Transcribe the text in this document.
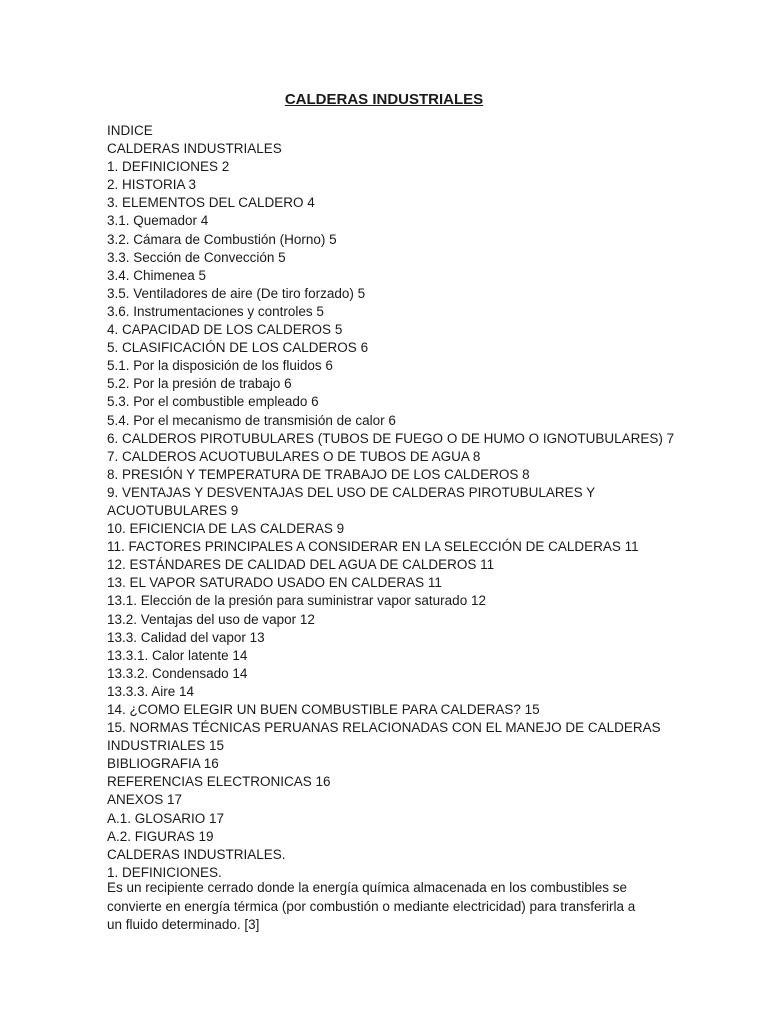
CALDERAS INDUSTRIALES
INDICE
CALDERAS INDUSTRIALES
1. DEFINICIONES 2
2. HISTORIA 3
3. ELEMENTOS DEL CALDERO 4
3.1. Quemador 4
3.2. Cámara de Combustión (Horno) 5
3.3. Sección de Convección 5
3.4. Chimenea 5
3.5. Ventiladores de aire (De tiro forzado) 5
3.6. Instrumentaciones y controles 5
4. CAPACIDAD DE LOS CALDEROS 5
5. CLASIFICACIÓN DE LOS CALDEROS 6
5.1. Por la disposición de los fluidos 6
5.2. Por la presión de trabajo 6
5.3. Por el combustible empleado 6
5.4. Por el mecanismo de transmisión de calor 6
6. CALDEROS PIROTUBULARES (TUBOS DE FUEGO O DE HUMO O IGNOTUBULARES) 7
7. CALDEROS ACUOTUBULARES O DE TUBOS DE AGUA 8
8. PRESIÓN Y TEMPERATURA DE TRABAJO DE LOS CALDEROS 8
9. VENTAJAS Y DESVENTAJAS DEL USO DE CALDERAS PIROTUBULARES Y ACUOTUBULARES 9
10. EFICIENCIA DE LAS CALDERAS 9
11. FACTORES PRINCIPALES A CONSIDERAR EN LA SELECCIÓN DE CALDERAS 11
12. ESTÁNDARES DE CALIDAD DEL AGUA DE CALDEROS 11
13. EL VAPOR SATURADO USADO EN CALDERAS 11
13.1. Elección de la presión para suministrar vapor saturado 12
13.2. Ventajas del uso de vapor 12
13.3. Calidad del vapor 13
13.3.1. Calor latente 14
13.3.2. Condensado 14
13.3.3. Aire 14
14. ¿COMO ELEGIR UN BUEN COMBUSTIBLE PARA CALDERAS? 15
15. NORMAS TÉCNICAS PERUANAS RELACIONADAS CON EL MANEJO DE CALDERAS INDUSTRIALES 15
BIBLIOGRAFIA 16
REFERENCIAS ELECTRONICAS 16
ANEXOS 17
A.1. GLOSARIO 17
A.2. FIGURAS 19
CALDERAS INDUSTRIALES.
1. DEFINICIONES.

Es un recipiente cerrado donde la energía química almacenada en los combustibles se convierte en energía térmica (por combustión o mediante electricidad) para transferirla a un fluido determinado. [3]
